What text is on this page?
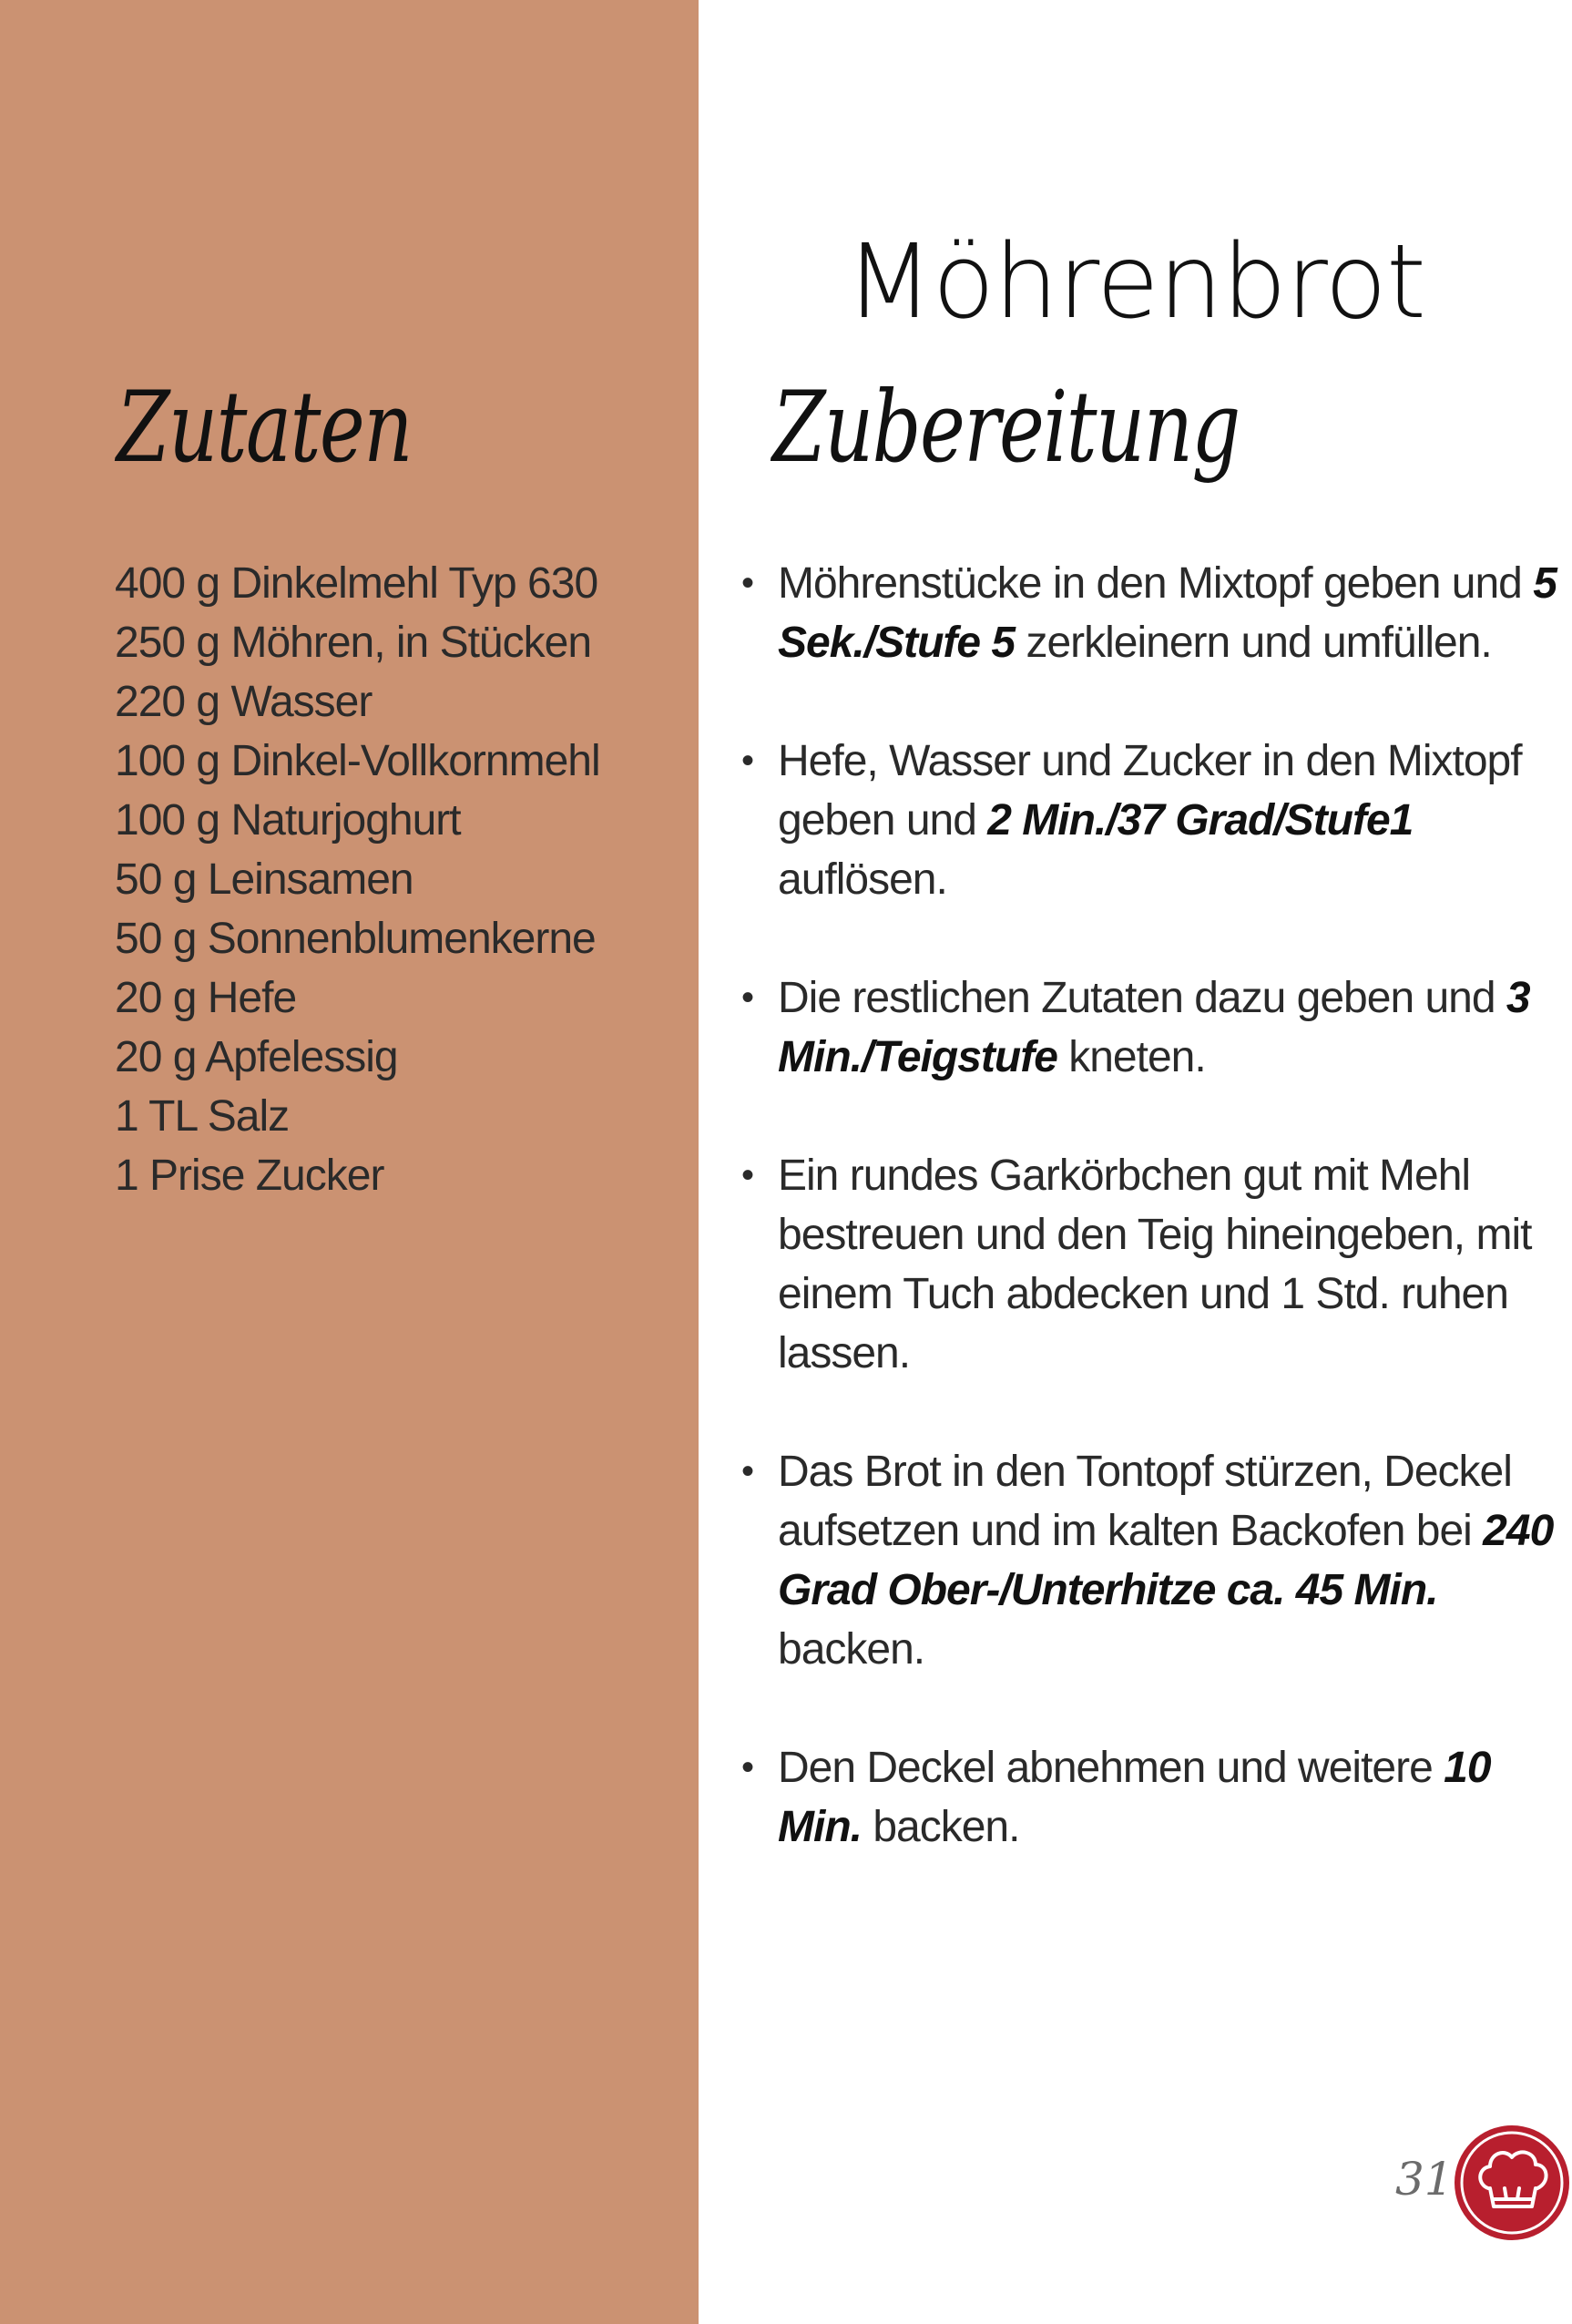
Möhrenbrot
Zutaten
400 g Dinkelmehl Typ 630
250 g Möhren, in Stücken
220 g Wasser
100 g Dinkel-Vollkornmehl
100 g Naturjoghurt
50 g Leinsamen
50 g Sonnenblumenkerne
20 g Hefe
20 g Apfelessig
1 TL Salz
1 Prise Zucker
Zubereitung
• Möhrenstücke in den Mixtopf geben und 5 Sek./Stufe 5 zerkleinern und umfüllen.
• Hefe, Wasser und Zucker in den Mixtopf geben und 2 Min./37 Grad/Stufe1 auflösen.
• Die restlichen Zutaten dazu geben und 3 Min./Teigstufe kneten.
• Ein rundes Garkörbchen gut mit Mehl bestreuen und den Teig hineingeben, mit einem Tuch abdecken und 1 Std. ruhen lassen.
• Das Brot in den Tontopf stürzen, Deckel aufsetzen und im kalten Backofen bei 240 Grad Ober-/Unterhitze ca. 45 Min. backen.
• Den Deckel abnehmen und weitere 10 Min. backen.
31
